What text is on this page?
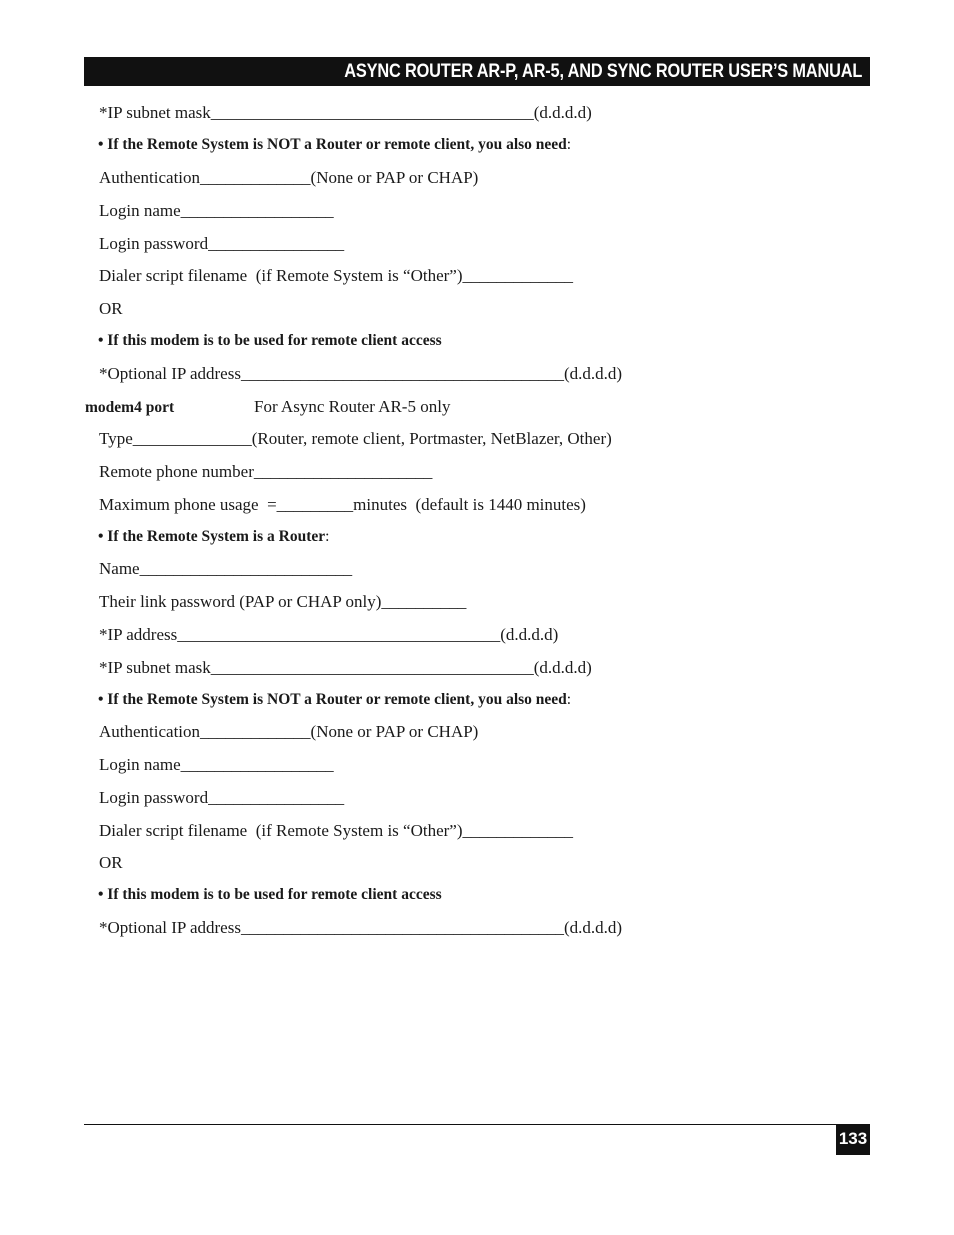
ASYNC ROUTER AR-P, AR-5, AND SYNC ROUTER USER’S MANUAL
*IP subnet mask______________________________________(d.d.d.d)
• If the Remote System is NOT a Router or remote client, you also need:
Authentication_____________(None or PAP or CHAP)
Login name__________________
Login password________________
Dialer script filename  (if Remote System is “Other”)_____________
OR
• If this modem is to be used for remote client access
*Optional IP address______________________________________(d.d.d.d)
modem4 port	For Async Router AR-5 only
Type______________(Router, remote client, Portmaster, NetBlazer, Other)
Remote phone number_____________________
Maximum phone usage  =_________minutes  (default is 1440 minutes)
• If the Remote System is a Router:
Name_________________________
Their link password (PAP or CHAP only)__________
*IP address______________________________________(d.d.d.d)
*IP subnet mask______________________________________(d.d.d.d)
• If the Remote System is NOT a Router or remote client, you also need:
Authentication_____________(None or PAP or CHAP)
Login name__________________
Login password________________
Dialer script filename  (if Remote System is “Other”)_____________
OR
• If this modem is to be used for remote client access
*Optional IP address______________________________________(d.d.d.d)
133
